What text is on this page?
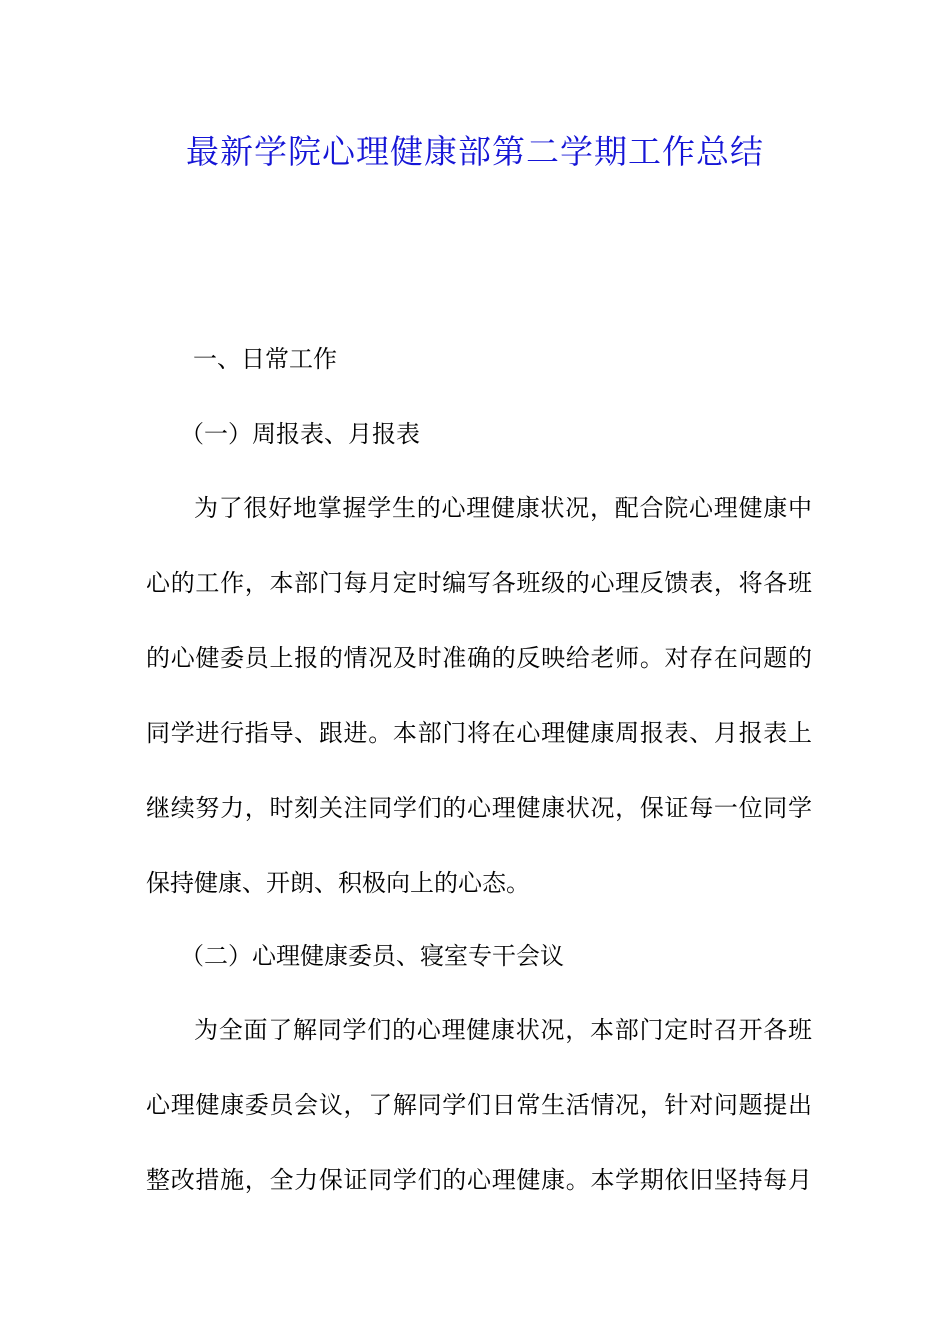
最新学院心理健康部第二学期工作总结
一、日常工作
（一）周报表、月报表
为了很好地掌握学生的心理健康状况，配合院心理健康中
心的工作，本部门每月定时编写各班级的心理反馈表，将各班
的心健委员上报的情况及时准确的反映给老师。对存在问题的
同学进行指导、跟进。本部门将在心理健康周报表、月报表上
继续努力，时刻关注同学们的心理健康状况，保证每一位同学
保持健康、开朗、积极向上的心态。
（二）心理健康委员、寝室专干会议
为全面了解同学们的心理健康状况，本部门定时召开各班
心理健康委员会议，了解同学们日常生活情况，针对问题提出
整改措施，全力保证同学们的心理健康。本学期依旧坚持每月
